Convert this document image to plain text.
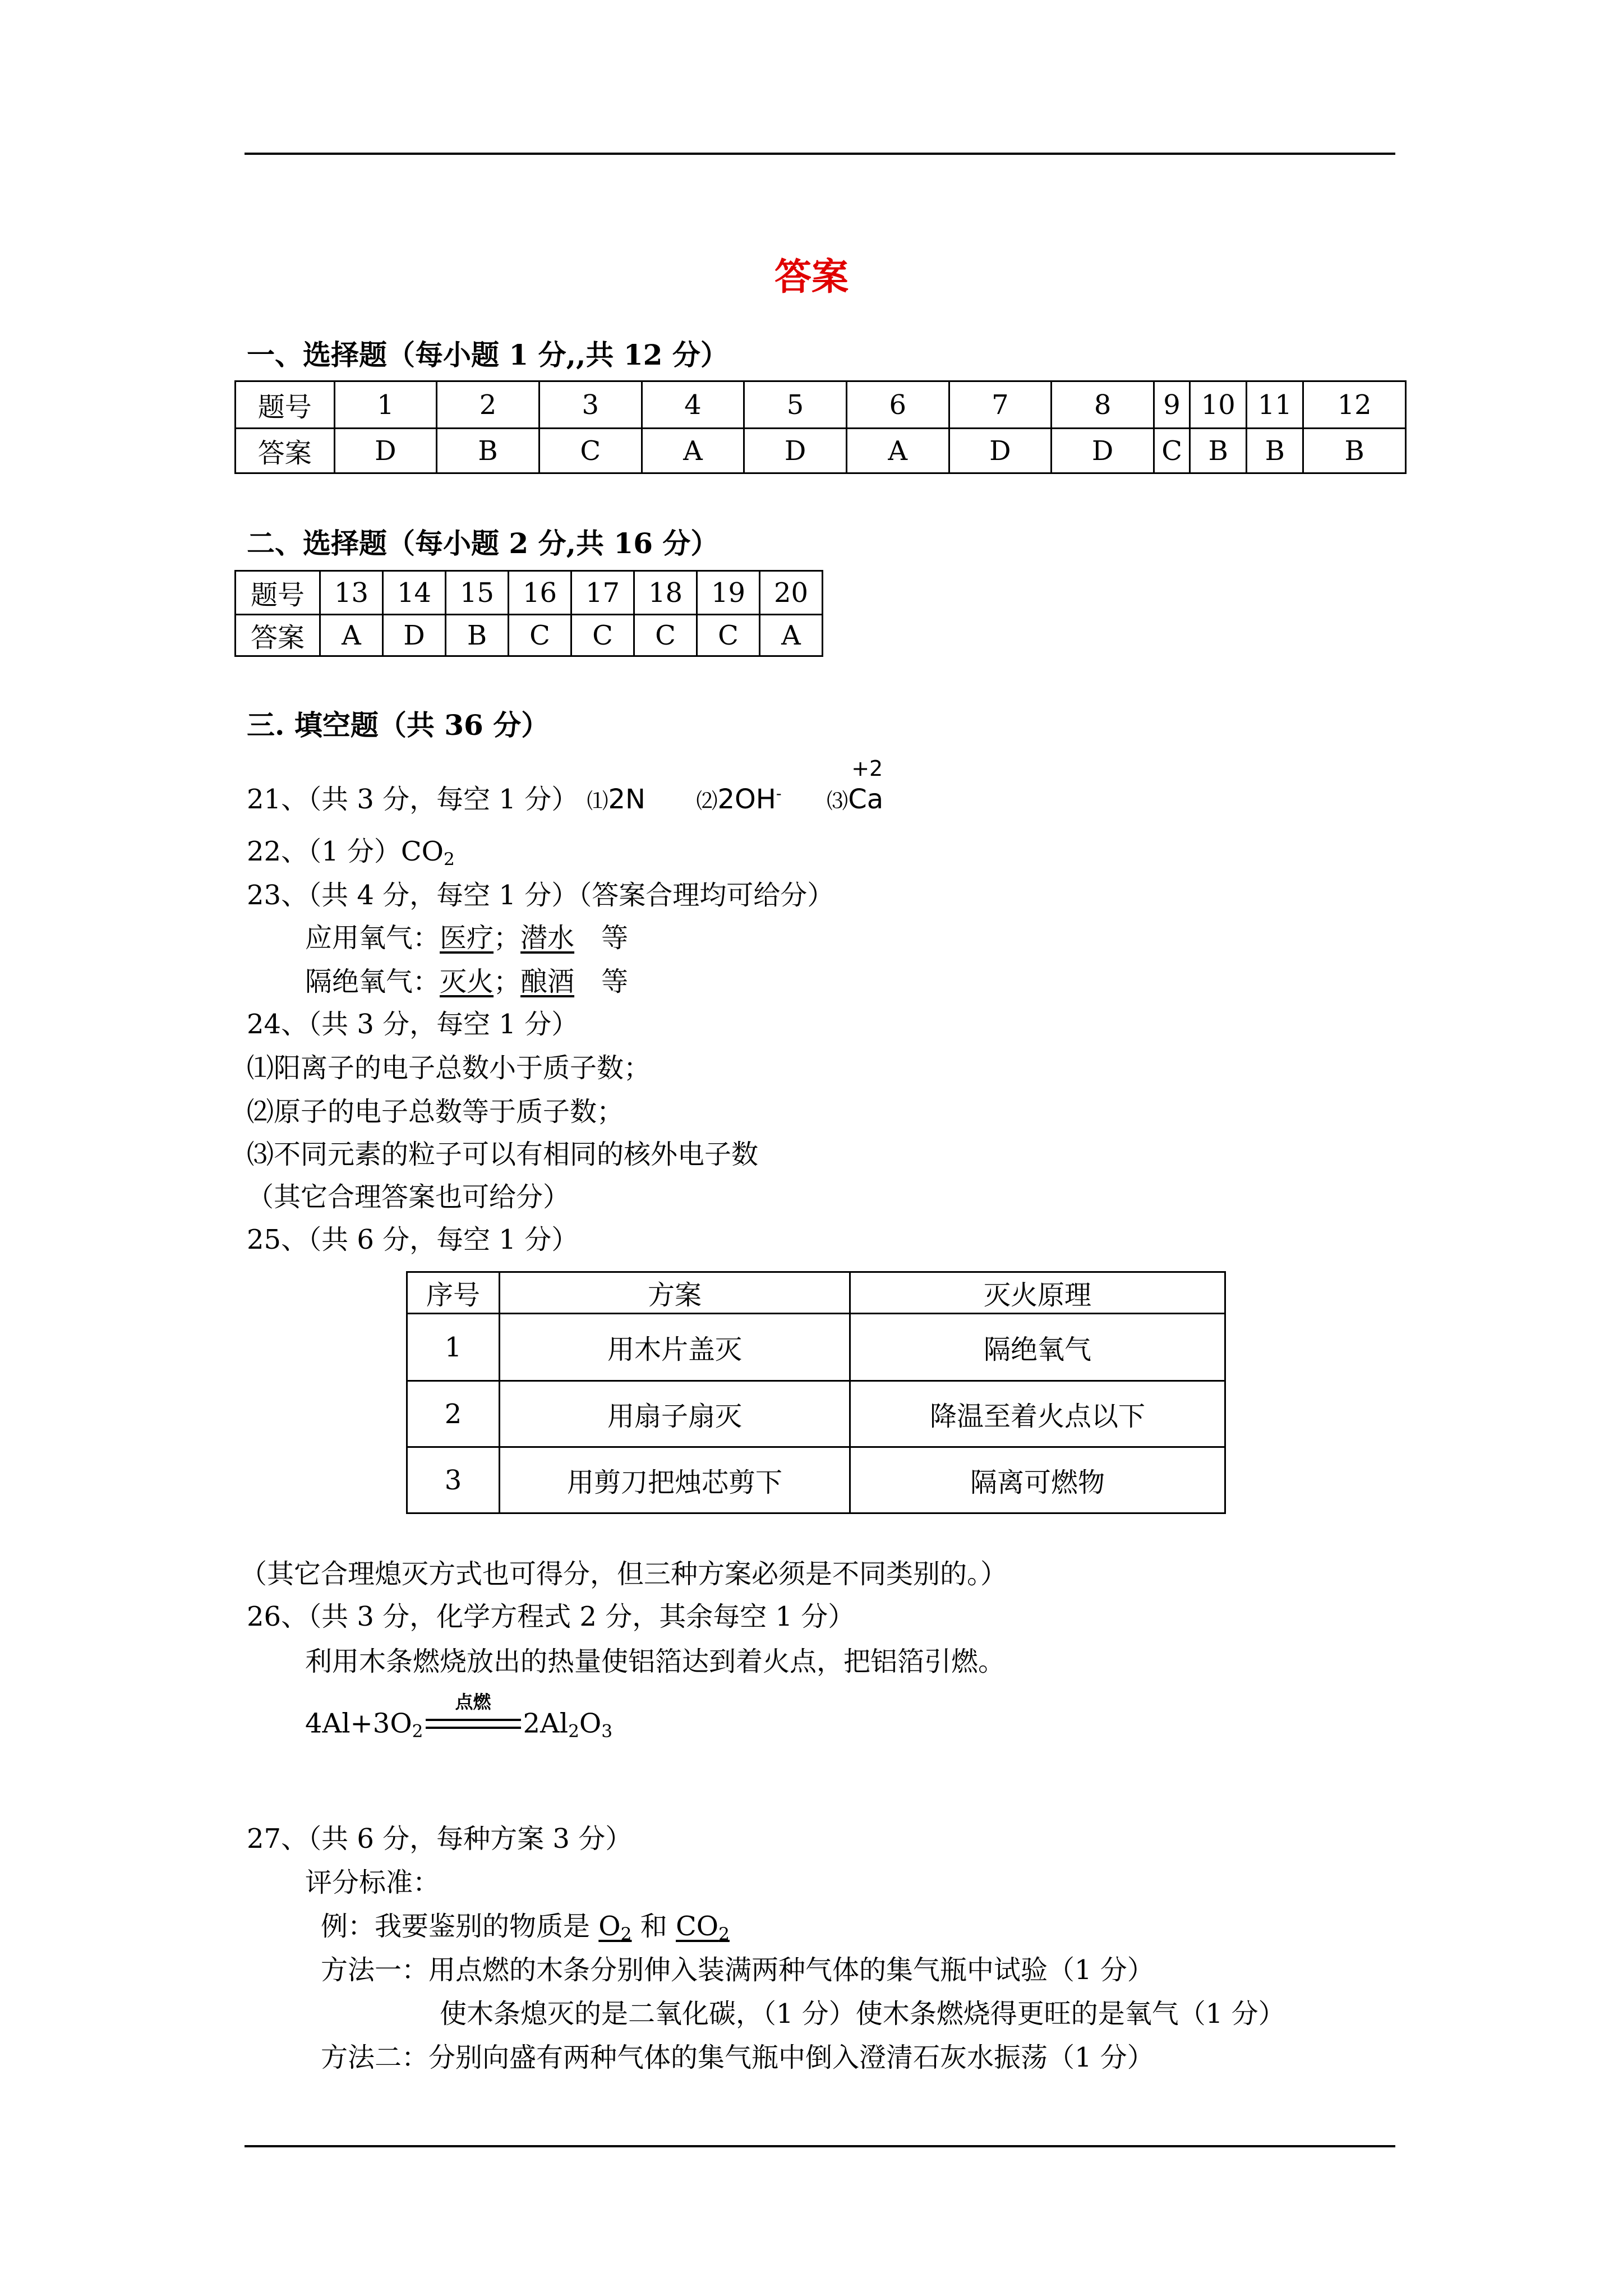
答案
一、选择题（每小题 1 分,,共 12 分）
题号	1	2	3	4	5	6	7	8	9	10	11	12
答案	D	B	C	A	D	A	D	D	C	B	B	B
二、选择题（每小题 2 分,共 16 分）
题号	13	14	15	16	17	18	19	20
答案	A	D	B	C	C	C	C	A
三. 填空题（共 36 分）
21、（共 3 分，每空 1 分） ⑴2N ⑵2OH- ⑶
+2
Ca
22、（1 分）$CO_2$
23、（共 4 分，每空 1 分）（答案合理均可给分）
应用氧气：医疗；潜水 等
隔绝氧气：灭火；酿酒 等
24、（共 3 分，每空 1 分）
⑴阳离子的电子总数小于质子数；
⑵原子的电子总数等于质子数；
⑶不同元素的粒子可以有相同的核外电子数
（其它合理答案也可给分）
25、（共 6 分，每空 1 分）
序号	方案	灭火原理
1	用木片盖灭	隔绝氧气
2	用扇子扇灭	降温至着火点以下
3	用剪刀把烛芯剪下	隔离可燃物
（其它合理熄灭方式也可得分，但三种方案必须是不同类别的。）
26、（共 3 分，化学方程式 2 分，其余每空 1 分）
利用木条燃烧放出的热量使铝箔达到着火点，把铝箔引燃。
$4Al+3O_2$
点燃
$2Al_2O_3$
27、（共 6 分，每种方案 3 分）
评分标准：
例：我要鉴别的物质是 $O_2$ 和 $CO_2$
方法一：用点燃的木条分别伸入装满两种气体的集气瓶中试验（1 分）
使木条熄灭的是二氧化碳，（1 分）使木条燃烧得更旺的是氧气（1 分）
方法二：分别向盛有两种气体的集气瓶中倒入澄清石灰水振荡（1 分）
